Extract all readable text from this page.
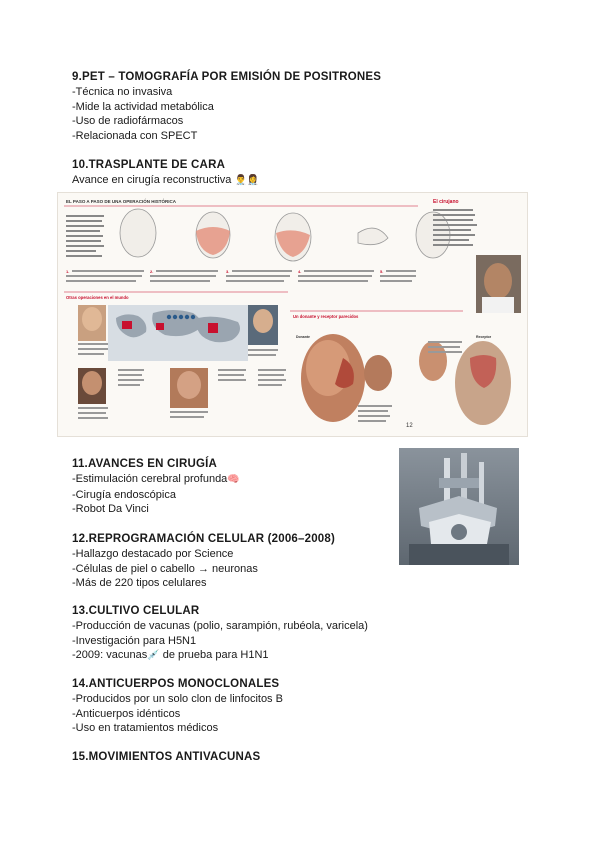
9.PET – TOMOGRAFÍA POR EMISIÓN DE POSITRONES

-Técnica no invasiva

-Mide la actividad metabólica

-Uso de radiofármacos

-Relacionada con SPECT

10.TRASPLANTE DE CARA

Avance en cirugía reconstructiva 👨‍⚕️👩‍⚕️

EL PASO A PASO DE UNA OPERACIÓN HISTÓRICA
1.	2.	3.	4.	5.
El cirujano
Otras operaciones en el mundo
Un donante y receptor parecidos
Donante	Receptor
12

11.AVANCES EN CIRUGÍA

-Estimulación cerebral profunda🧠

-Cirugía endoscópica

-Robot Da Vinci

12.REPROGRAMACIÓN CELULAR (2006–2008)

-Hallazgo destacado por Science

-Células de piel o cabello → neuronas

-Más de 220 tipos celulares

13.CULTIVO CELULAR

-Producción de vacunas (polio, sarampión, rubéola, varicela)

-Investigación para H5N1

-2009: vacunas💉 de prueba para H1N1

14.ANTICUERPOS MONOCLONALES

-Producidos por un solo clon de linfocitos B

-Anticuerpos idénticos

-Uso en tratamientos médicos

15.MOVIMIENTOS ANTIVACUNAS
